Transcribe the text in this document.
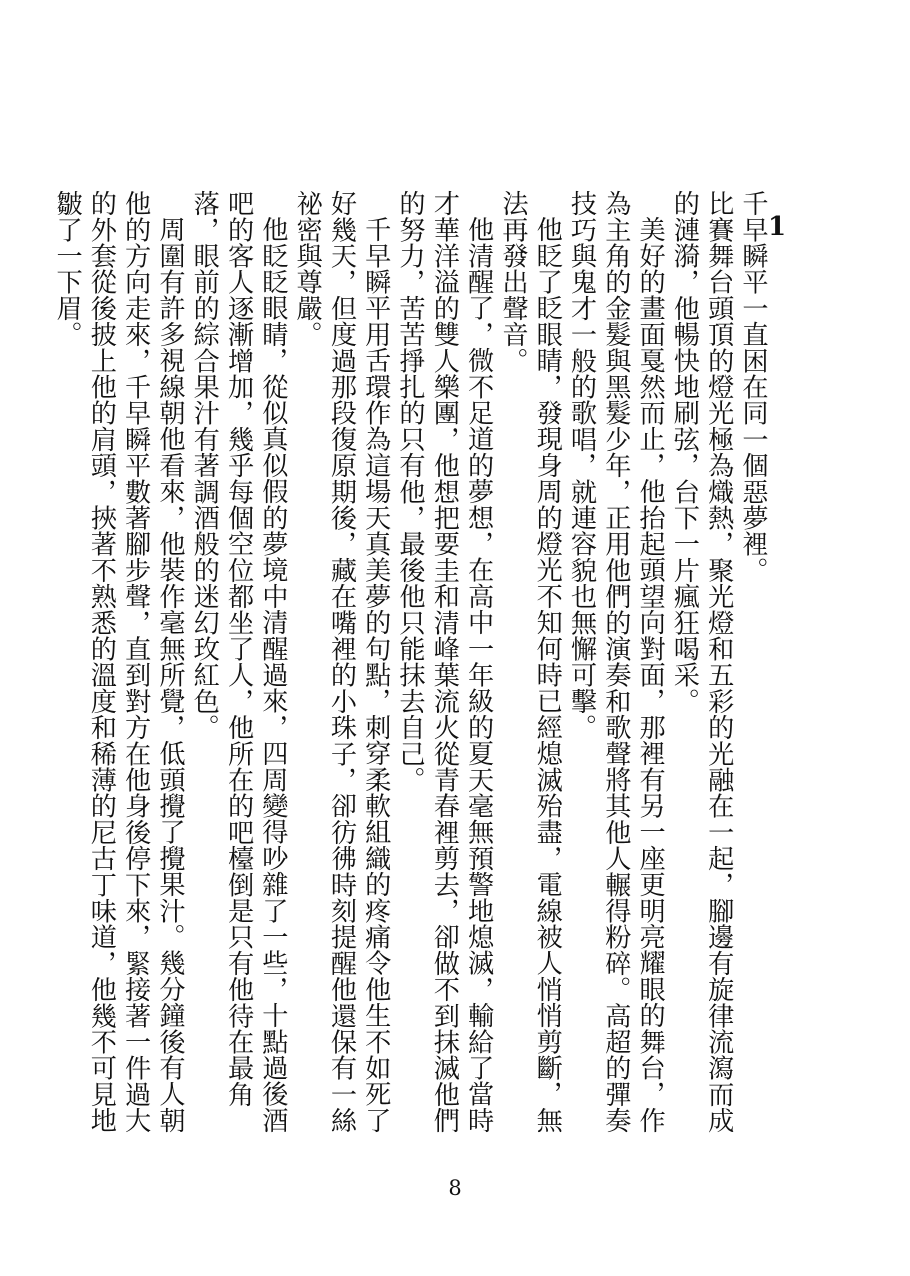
1

千早瞬平一直困在同一個惡夢裡。

比賽舞台頭頂的燈光極為熾熱，聚光燈和五彩的光融在一起，腳邊有旋律流瀉而成的漣漪，他暢快地刷弦，台下一片瘋狂喝采。

美好的畫面戛然而止，他抬起頭望向對面，那裡有另一座更明亮耀眼的舞台，作為主角的金髮與黑髮少年，正用他們的演奏和歌聲將其他人輾得粉碎。高超的彈奏技巧與鬼才一般的歌唱，就連容貌也無懈可擊。

他眨了眨眼睛，發現身周的燈光不知何時已經熄滅殆盡，電線被人悄悄剪斷，無法再發出聲音。

他清醒了，微不足道的夢想，在高中一年級的夏天毫無預警地熄滅，輸給了當時才華洋溢的雙人樂團，他想把要圭和清峰葉流火從青春裡剪去，卻做不到抹滅他們的努力，苦苦掙扎的只有他，最後他只能抹去自己。

千早瞬平用舌環作為這場天真美夢的句點，刺穿柔軟組織的疼痛令他生不如死了好幾天，但度過那段復原期後，藏在嘴裡的小珠子，卻彷彿時刻提醒他還保有一絲祕密與尊嚴。

他眨眨眼睛，從似真似假的夢境中清醒過來，四周變得吵雜了一些，十點過後酒吧的客人逐漸增加，幾乎每個空位都坐了人，他所在的吧檯倒是只有他待在最角落，眼前的綜合果汁有著調酒般的迷幻玫紅色。

周圍有許多視線朝他看來，他裝作毫無所覺，低頭攪了攪果汁。幾分鐘後有人朝他的方向走來，千早瞬平數著腳步聲，直到對方在他身後停下來，緊接著一件過大的外套從後披上他的肩頭，挾著不熟悉的溫度和稀薄的尼古丁味道，他幾不可見地皺了一下眉。

8
